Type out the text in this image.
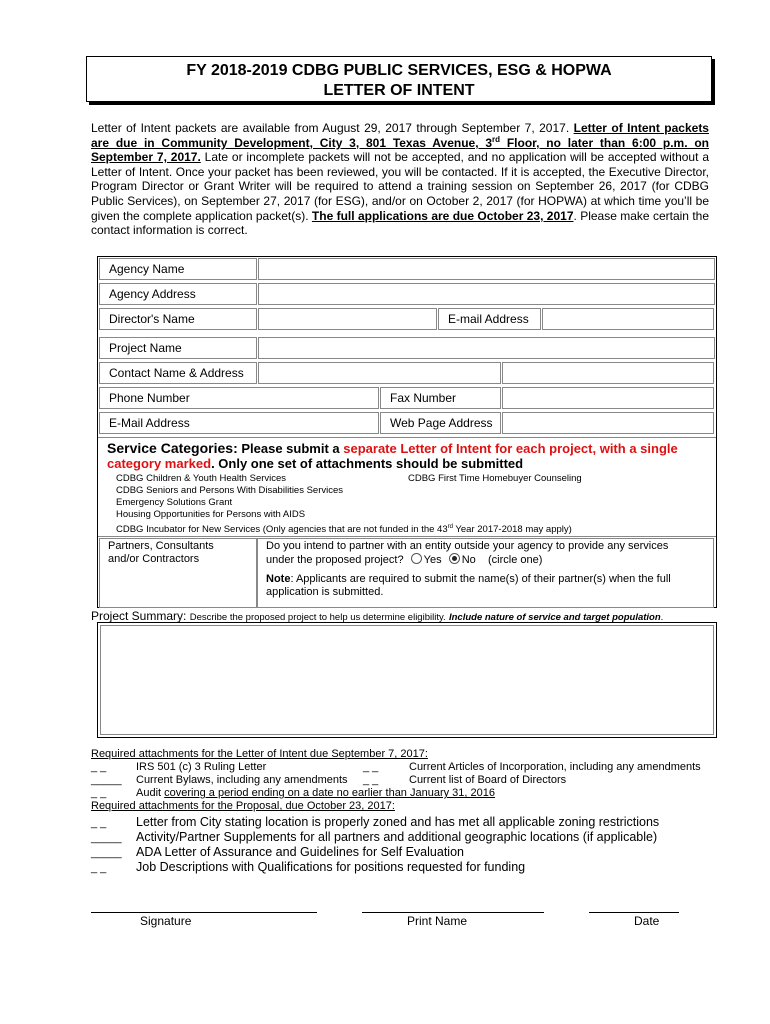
FY 2018-2019 CDBG PUBLIC SERVICES, ESG & HOPWA
LETTER OF INTENT
Letter of Intent packets are available from August 29, 2017 through September 7, 2017. Letter of Intent packets are due in Community Development, City 3, 801 Texas Avenue, 3rd Floor, no later than 6:00 p.m. on September 7, 2017. Late or incomplete packets will not be accepted, and no application will be accepted without a Letter of Intent. Once your packet has been reviewed, you will be contacted. If it is accepted, the Executive Director, Program Director or Grant Writer will be required to attend a training session on September 26, 2017 (for CDBG Public Services), on September 27, 2017 (for ESG), and/or on October 2, 2017 (for HOPWA) at which time you’ll be given the complete application packet(s). The full applications are due October 23, 2017. Please make certain the contact information is correct.
Agency Name
Agency Address
Director's Name	E-mail Address
Project Name
Contact Name & Address
Phone Number	Fax Number
E-Mail Address	Web Page Address
Service Categories: Please submit a separate Letter of Intent for each project, with a single category marked. Only one set of attachments should be submitted
CDBG Children & Youth Health Services	CDBG First Time Homebuyer Counseling
CDBG Seniors and Persons With Disabilities Services
Emergency Solutions Grant
Housing Opportunities for Persons with AIDS
CDBG Incubator for New Services (Only agencies that are not funded in the 43rd Year 2017-2018 may apply)
Partners, Consultants
and/or Contractors
Do you intend to partner with an entity outside your agency to provide any services
under the proposed project? Yes No (circle one)
Note: Applicants are required to submit the name(s) of their partner(s) when the full application is submitted.
Project Summary: Describe the proposed project to help us determine eligibility. Include nature of service and target population.
Required attachments for the Letter of Intent due September 7, 2017:
_ _	IRS 501 (c) 3 Ruling Letter	_ _	Current Articles of Incorporation, including any amendments
_____ Current Bylaws, including any amendments _ _	Current list of Board of Directors
_ _	Audit covering a period ending on a date no earlier than January 31, 2016
Required attachments for the Proposal, due October 23, 2017:
_ _ Letter from City stating location is properly zoned and has met all applicable zoning restrictions
_____ Activity/Partner Supplements for all partners and additional geographic locations (if applicable)
_____ ADA Letter of Assurance and Guidelines for Self Evaluation
_ _ Job Descriptions with Qualifications for positions requested for funding
Signature	Print Name	Date
